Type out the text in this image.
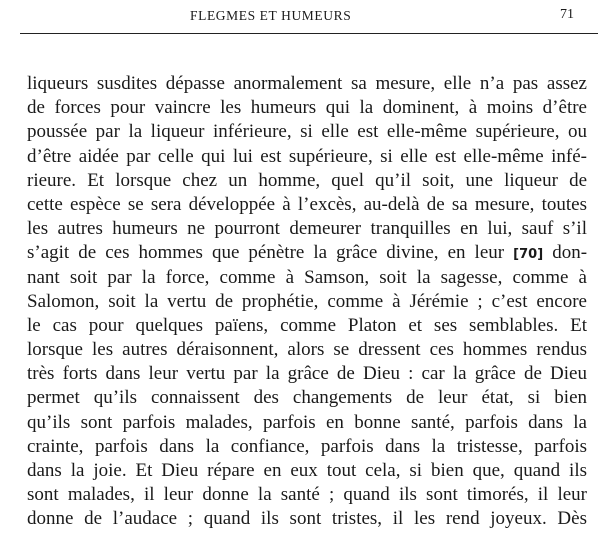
FLEGMES ET HUMEURS	71
liqueurs susdites dépasse anormalement sa mesure, elle n’a pas assez
de forces pour vaincre les humeurs qui la dominent, à moins d’être
poussée par la liqueur inférieure, si elle est elle-même supérieure, ou
d’être aidée par celle qui lui est supérieure, si elle est elle-même infé-
rieure. Et lorsque chez un homme, quel qu’il soit, une liqueur de
cette espèce se sera développée à l’excès, au-delà de sa mesure, toutes
les autres humeurs ne pourront demeurer tranquilles en lui, sauf s’il
s’agit de ces hommes que pénètre la grâce divine, en leur [70] don-
nant soit par la force, comme à Samson, soit la sagesse, comme à
Salomon, soit la vertu de prophétie, comme à Jérémie ; c’est encore
le cas pour quelques païens, comme Platon et ses semblables. Et
lorsque les autres déraisonnent, alors se dressent ces hommes rendus
très forts dans leur vertu par la grâce de Dieu : car la grâce de Dieu
permet qu’ils connaissent des changements de leur état, si bien
qu’ils sont parfois malades, parfois en bonne santé, parfois dans la
crainte, parfois dans la confiance, parfois dans la tristesse, parfois
dans la joie. Et Dieu répare en eux tout cela, si bien que, quand ils
sont malades, il leur donne la santé ; quand ils sont timorés, il leur
donne de l’audace ; quand ils sont tristes, il les rend joyeux. Dès
